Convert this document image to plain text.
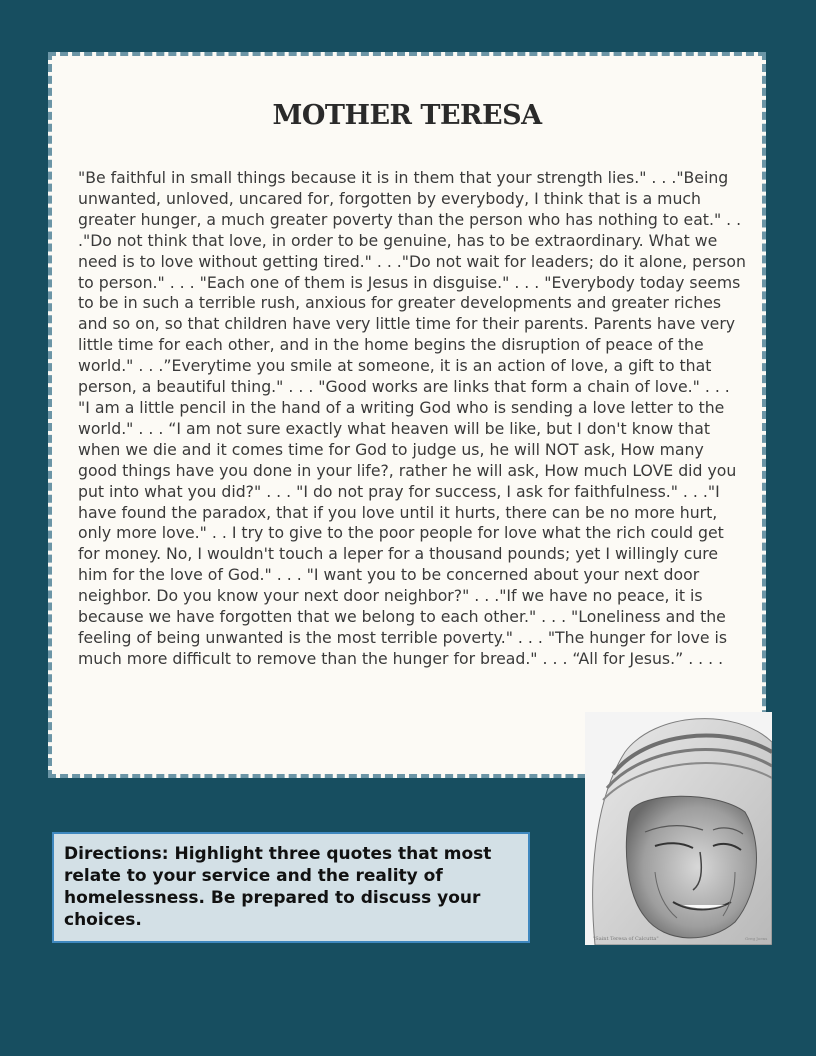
MOTHER TERESA

"Be faithful in small things because it is in them that your strength lies." . . ."Being unwanted, unloved, uncared for, forgotten by everybody, I think that is a much greater hunger, a much greater poverty than the person who has nothing to eat." . . ."Do not think that love, in order to be genuine, has to be extraordinary. What we need is to love without getting tired." . . ."Do not wait for leaders; do it alone, person to person." . . . "Each one of them is Jesus in disguise." . . . "Everybody today seems to be in such a terrible rush, anxious for greater developments and greater riches and so on, so that children have very little time for their parents. Parents have very little time for each other, and in the home begins the disruption of peace of the world." . . .”Everytime you smile at someone, it is an action of love, a gift to that person, a beautiful thing." . . . "Good works are links that form a chain of love." . . . "I am a little pencil in the hand of a writing God who is sending a love letter to the world." . . . “I am not sure exactly what heaven will be like, but I don't know that when we die and it comes time for God to judge us, he will NOT ask, How many good things have you done in your life?, rather he will ask, How much LOVE did you put into what you did?" . . . "I do not pray for success, I ask for faithfulness." . . ."I have found the paradox, that if you love until it hurts, there can be no more hurt, only more love." . . I try to give to the poor people for love what the rich could get for money. No, I wouldn't touch a leper for a thousand pounds; yet I willingly cure him for the love of God." . . . "I want you to be concerned about your next door neighbor. Do you know your next door neighbor?" . . ."If we have no peace, it is because we have forgotten that we belong to each other." . . . "Loneliness and the feeling of being unwanted is the most terrible poverty." . . . "The hunger for love is much more difficult to remove than the hunger for bread." . . . “All for Jesus.” . . . .

Directions: Highlight three quotes that most relate to your service and the reality of homelessness. Be prepared to discuss your choices.
"Saint Teresa of Calcutta"	Greg Joens
